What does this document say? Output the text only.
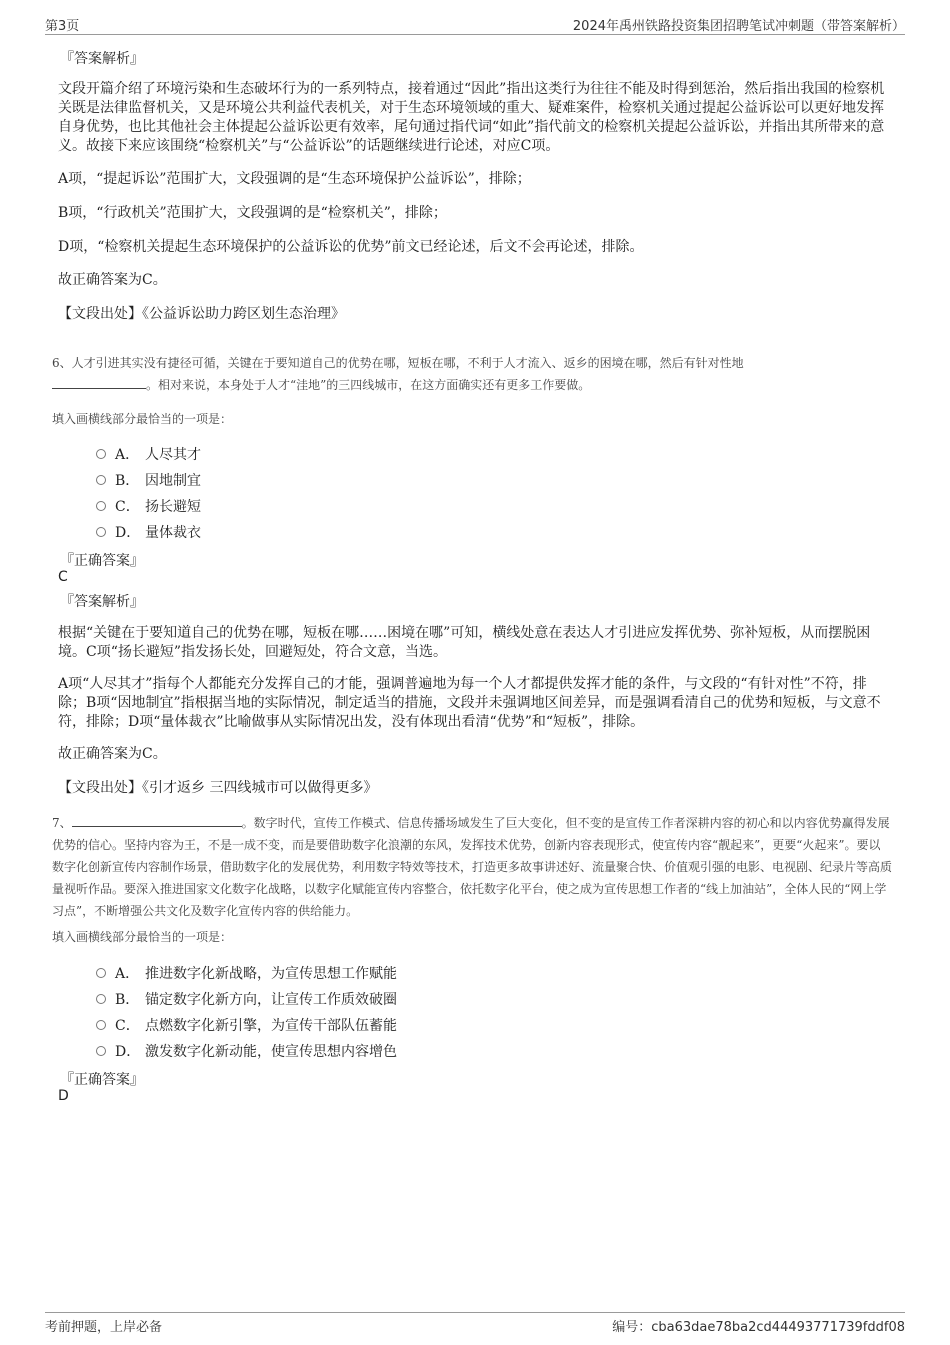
第3页	2024年禹州铁路投资集团招聘笔试冲刺题（带答案解析）
『答案解析』
文段开篇介绍了环境污染和生态破坏行为的一系列特点，接着通过“因此”指出这类行为往往不能及时得到惩治，然后指出我国的检察机关既是法律监督机关，又是环境公共利益代表机关，对于生态环境领域的重大、疑难案件，检察机关通过提起公益诉讼可以更好地发挥自身优势，也比其他社会主体提起公益诉讼更有效率，尾句通过指代词“如此”指代前文的检察机关提起公益诉讼，并指出其所带来的意义。故接下来应该围绕“检察机关”与“公益诉讼”的话题继续进行论述，对应C项。
A项，“提起诉讼”范围扩大，文段强调的是“生态环境保护公益诉讼”，排除；
B项，“行政机关”范围扩大，文段强调的是“检察机关”，排除；
D项，“检察机关提起生态环境保护的公益诉讼的优势”前文已经论述，后文不会再论述，排除。
故正确答案为C。
【文段出处】《公益诉讼助力跨区划生态治理》
6、人才引进其实没有捷径可循，关键在于要知道自己的优势在哪，短板在哪，不利于人才流入、返乡的困境在哪，然后有针对性地
。相对来说，本身处于人才“洼地”的三四线城市，在这方面确实还有更多工作要做。
填入画横线部分最恰当的一项是：
A． 人尽其才
B． 因地制宜
C． 扬长避短
D． 量体裁衣
『正确答案』
C
『答案解析』
根据“关键在于要知道自己的优势在哪，短板在哪……困境在哪”可知，横线处意在表达人才引进应发挥优势、弥补短板，从而摆脱困境。C项“扬长避短”指发扬长处，回避短处，符合文意，当选。
A项“人尽其才”指每个人都能充分发挥自己的才能，强调普遍地为每一个人才都提供发挥才能的条件，与文段的“有针对性”不符，排除；B项“因地制宜”指根据当地的实际情况，制定适当的措施，文段并未强调地区间差异，而是强调看清自己的优势和短板，与文意不符，排除；D项“量体裁衣”比喻做事从实际情况出发，没有体现出看清“优势”和“短板”，排除。
故正确答案为C。
【文段出处】《引才返乡 三四线城市可以做得更多》
7、	。数字时代，宣传工作模式、信息传播场域发生了巨大变化，但不变的是宣传工作者深耕内容的初心和以内容优势赢得发展优势的信心。坚持内容为王，不是一成不变，而是要借助数字化浪潮的东风，发挥技术优势，创新内容表现形式，使宣传内容“靓起来”，更要“火起来”。要以数字化创新宣传内容制作场景，借助数字化的发展优势，利用数字特效等技术，打造更多故事讲述好、流量聚合快、价值观引强的电影、电视剧、纪录片等高质量视听作品。要深入推进国家文化数字化战略，以数字化赋能宣传内容整合，依托数字化平台，使之成为宣传思想工作者的“线上加油站”，全体人民的“网上学习点”，不断增强公共文化及数字化宣传内容的供给能力。
填入画横线部分最恰当的一项是：
A． 推进数字化新战略，为宣传思想工作赋能
B． 锚定数字化新方向，让宣传工作质效破圈
C． 点燃数字化新引擎，为宣传干部队伍蓄能
D． 激发数字化新动能，使宣传思想内容增色
『正确答案』
D
考前押题，上岸必备	编号：cba63dae78ba2cd44493771739fddf08
